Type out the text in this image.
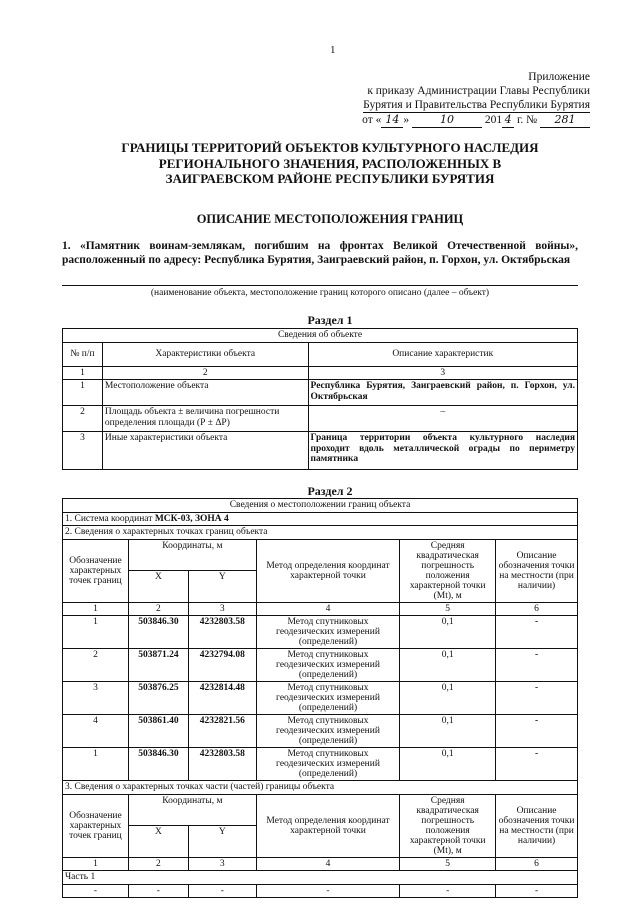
1
Приложение
к приказу Администрации Главы Республики
Бурятия и Правительства Республики Бурятия
от « 14 »	10	201 4 г. № 281
ГРАНИЦЫ ТЕРРИТОРИЙ ОБЪЕКТОВ КУЛЬТУРНОГО НАСЛЕДИЯ
РЕГИОНАЛЬНОГО ЗНАЧЕНИЯ, РАСПОЛОЖЕННЫХ В
ЗАИГРАЕВСКОМ РАЙОНЕ РЕСПУБЛИКИ БУРЯТИЯ
ОПИСАНИЕ МЕСТОПОЛОЖЕНИЯ ГРАНИЦ
1. «Памятник воинам-землякам, погибшим на фронтах Великой Отечественной войны», расположенный по адресу: Республика Бурятия, Заиграевский район, п. Горхон, ул. Октябрьская
(наименование объекта, местоположение границ которого описано (далее – объект)
Раздел 1
Сведения об объекте		
№ п/п	Характеристики объекта	Описание характеристик
1	2	3
1	Местоположение объекта	Республика Бурятия, Заиграевский район, п. Горхон, ул. Октябрьская
2	Площадь объекта ± величина погрешности определения площади (Р ± ΔР)	–
3	Иные характеристики объекта	Граница территории объекта культурного наследия проходит вдоль металлической ограды по периметру памятника
Раздел 2
Сведения о местоположении границ объекта					
1. Система координат МСК-03, ЗОНА 4					
2. Сведения о характерных точках границ объекта					
Обозначение характерных точек границ	Координаты, м		Метод определения координат характерной точки	Средняя квадратическая погрешность положения характерной точки (Mt), м	Описание обозначения точки на местности (при наличии)
	X	Y			
1	2	3	4	5	6
1	503846.30	4232803.58	Метод спутниковых геодезических измерений (определений)	0,1	-
2	503871.24	4232794.08	Метод спутниковых геодезических измерений (определений)	0,1	-
3	503876.25	4232814.48	Метод спутниковых геодезических измерений (определений)	0,1	-
4	503861.40	4232821.56	Метод спутниковых геодезических измерений (определений)	0,1	-
1	503846.30	4232803.58	Метод спутниковых геодезических измерений (определений)	0,1	-
3. Сведения о характерных точках части (частей) границы объекта					
Обозначение характерных точек границ	Координаты, м		Метод определения координат характерной точки	Средняя квадратическая погрешность положения характерной точки (Mt), м	Описание обозначения точки на местности (при наличии)
	X	Y			
1	2	3	4	5	6
Часть 1					
-	-	-	-	-	-
